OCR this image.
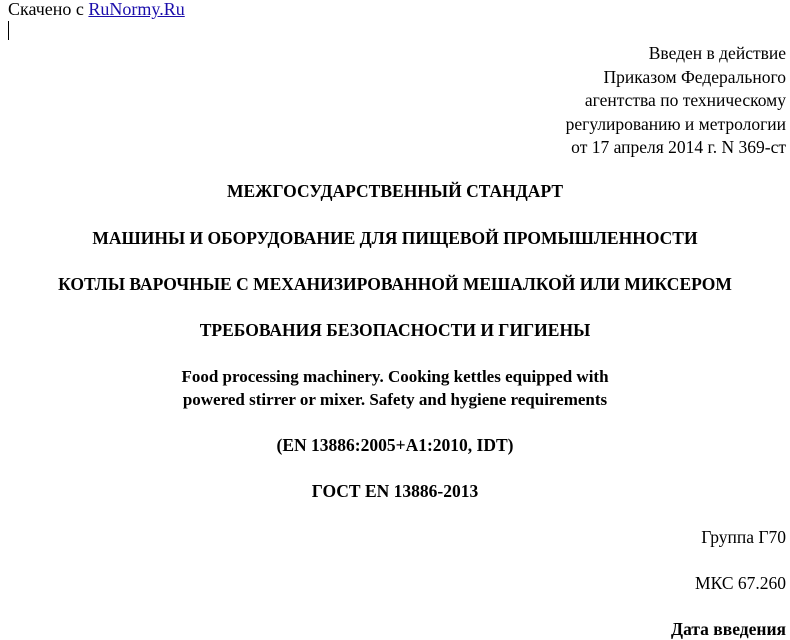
Скачено с RuNormy.Ru
Введен в действие
Приказом Федерального
агентства по техническому
регулированию и метрологии
от 17 апреля 2014 г. N 369-ст
МЕЖГОСУДАРСТВЕННЫЙ СТАНДАРТ
МАШИНЫ И ОБОРУДОВАНИЕ ДЛЯ ПИЩЕВОЙ ПРОМЫШЛЕННОСТИ
КОТЛЫ ВАРОЧНЫЕ С МЕХАНИЗИРОВАННОЙ МЕШАЛКОЙ ИЛИ МИКСЕРОМ
ТРЕБОВАНИЯ БЕЗОПАСНОСТИ И ГИГИЕНЫ
Food processing machinery. Cooking kettles equipped with
powered stirrer or mixer. Safety and hygiene requirements
(EN 13886:2005+A1:2010, IDT)
ГОСТ EN 13886-2013
Группа Г70
МКС 67.260
Дата введения
